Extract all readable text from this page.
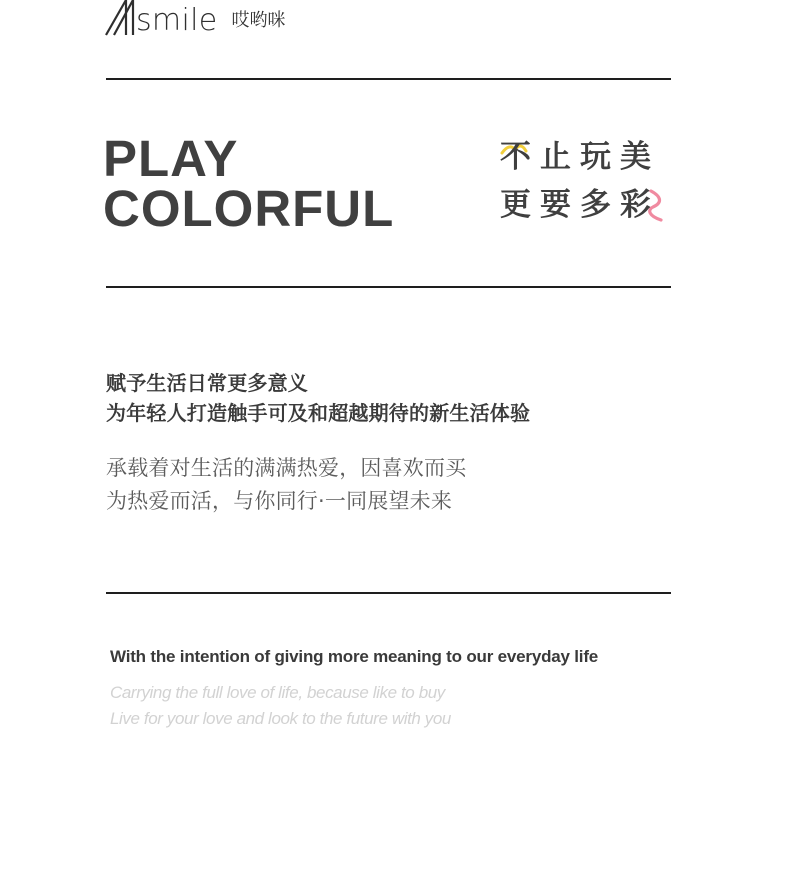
smile 哎哟咪
PLAY
COLORFUL
不 止 玩 美
更 要 多 彩
赋予生活日常更多意义
为年轻人打造触手可及和超越期待的新生活体验
承载着对生活的满满热爱，因喜欢而买
为热爱而活，与你同行·一同展望未来
With the intention of giving more meaning to our everyday life
Carrying the full love of life, because like to buy
Live for your love and look to the future with you
